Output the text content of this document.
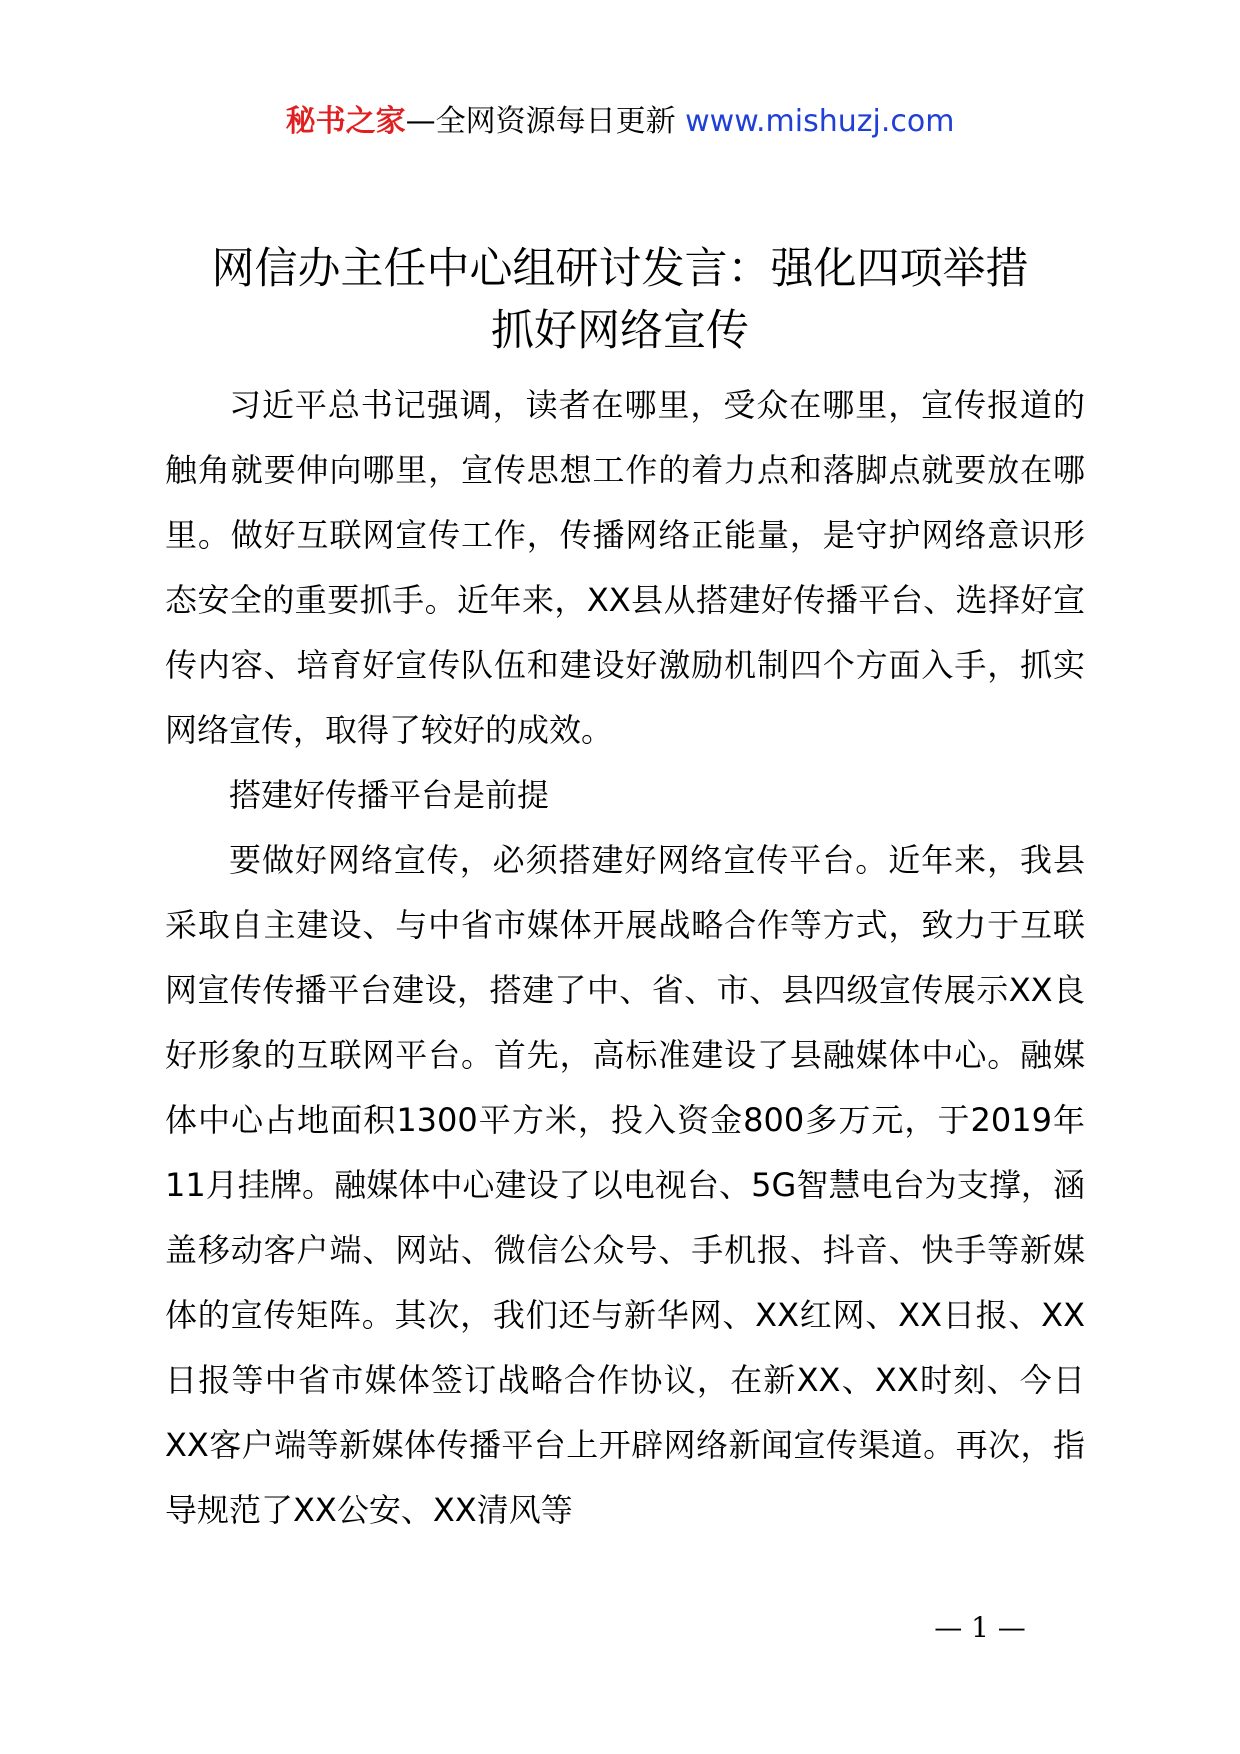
秘书之家—全网资源每日更新 www.mishuzj.com
网信办主任中心组研讨发言：强化四项举措
抓好网络宣传

习近平总书记强调，读者在哪里，受众在哪里，宣传报道的触角就要伸向哪里，宣传思想工作的着力点和落脚点就要放在哪里。做好互联网宣传工作，传播网络正能量，是守护网络意识形态安全的重要抓手。近年来，XX县从搭建好传播平台、选择好宣传内容、培育好宣传队伍和建设好激励机制四个方面入手，抓实网络宣传，取得了较好的成效。

搭建好传播平台是前提

要做好网络宣传，必须搭建好网络宣传平台。近年来，我县采取自主建设、与中省市媒体开展战略合作等方式，致力于互联网宣传传播平台建设，搭建了中、省、市、县四级宣传展示XX良好形象的互联网平台。首先，高标准建设了县融媒体中心。融媒体中心占地面积1300平方米，投入资金800多万元，于2019年11月挂牌。融媒体中心建设了以电视台、5G智慧电台为支撑，涵盖移动客户端、网站、微信公众号、手机报、抖音、快手等新媒体的宣传矩阵。其次，我们还与新华网、XX红网、XX日报、XX日报等中省市媒体签订战略合作协议，在新XX、XX时刻、今日XX客户端等新媒体传播平台上开辟网络新闻宣传渠道。再次，指导规范了XX公安、XX清风等

— 1 —
